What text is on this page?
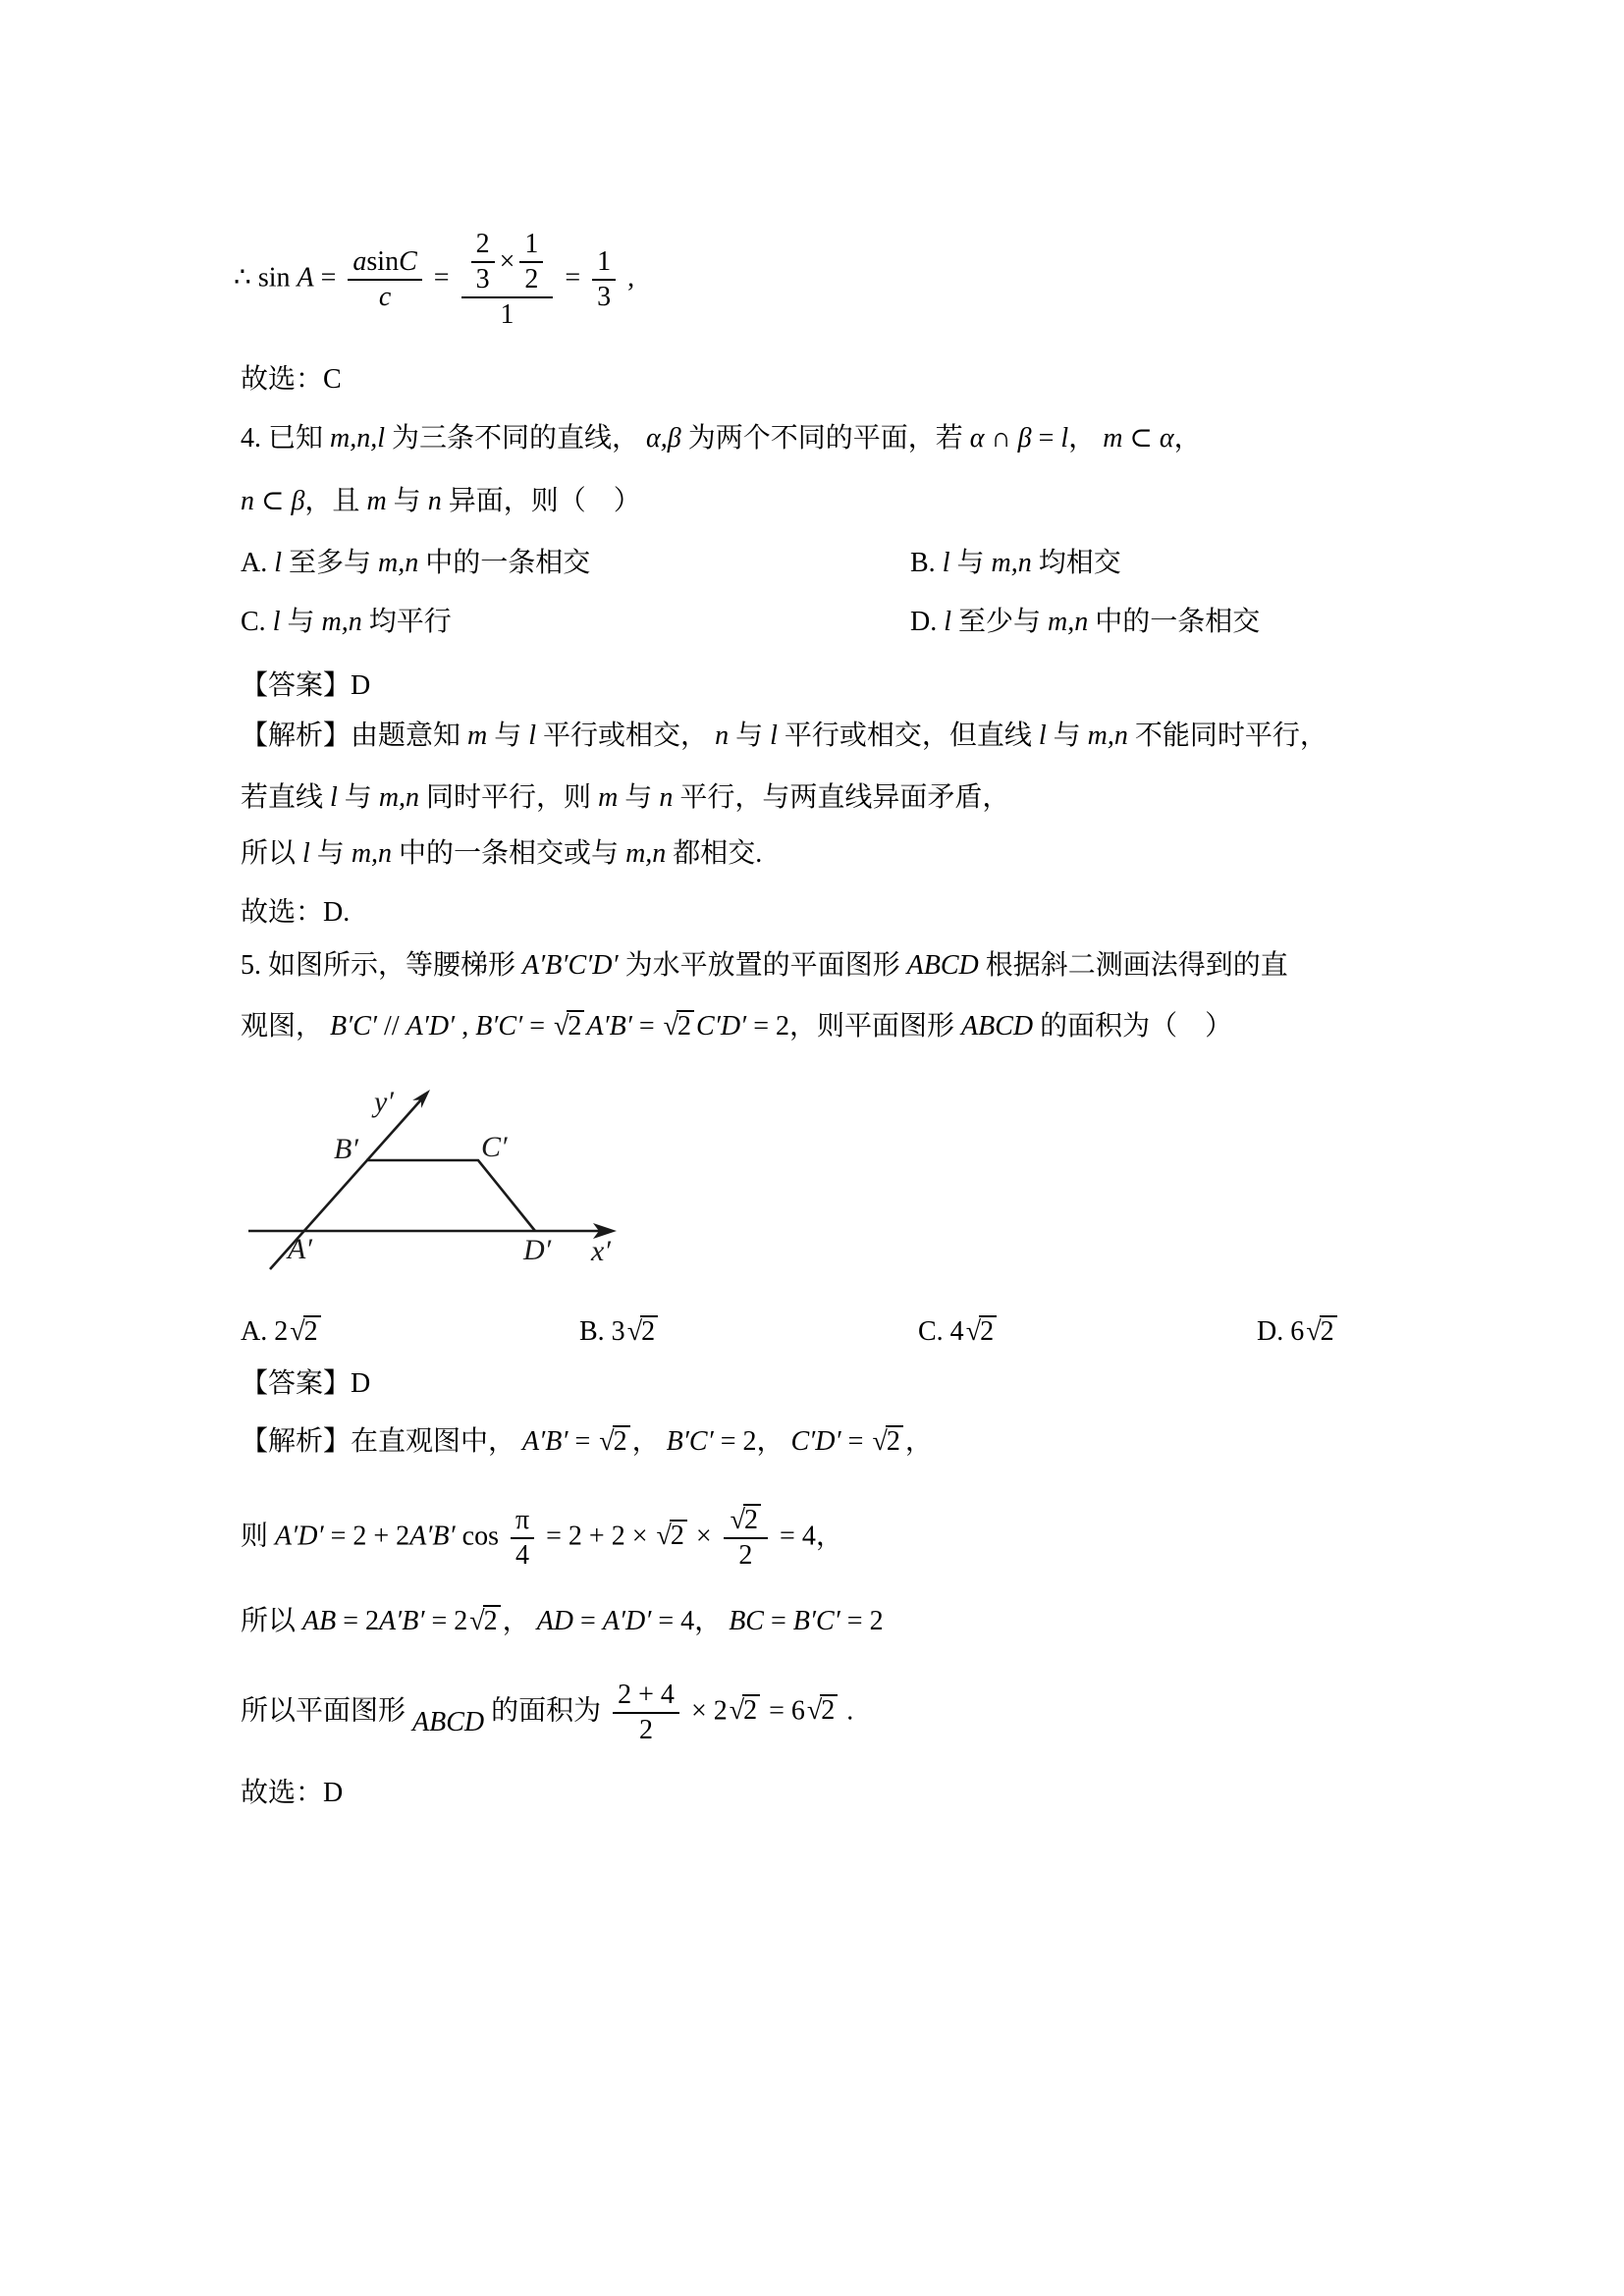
∴ $\sin A = \frac{\text{a sin C}}{c} = \frac{\frac{2}{3} \times \frac{1}{2}}{1} = \frac{1}{3}$ ,
故选：C
4. 已知 m,n,l 为三条不同的直线， α,β 为两个不同的平面，若 α ∩ β = l， m ⊂ α，
n ⊂ β，且 m 与 n 异面，则（    ）
A. l 至多与 m,n 中的一条相交	B. l 与 m,n 均相交
C. l 与 m,n 均平行	D. l 至少与 m,n 中的一条相交
【答案】D
【解析】由题意知 m 与 l 平行或相交， n 与 l 平行或相交，但直线 l 与 m,n 不能同时平行，
若直线 l 与 m,n 同时平行，则 m 与 n 平行，与两直线异面矛盾，
所以 l 与 m,n 中的一条相交或与 m,n 都相交.
故选：D.
5. 如图所示，等腰梯形 A′B′C′D′ 为水平放置的平面图形 ABCD 根据斜二测画法得到的直
观图， B′C′ // A′D′ , B′C′ = √2 A′B′ = √2 C′D′ = 2，则平面图形 ABCD 的面积为（    ）
A. 2√2	B. 3√2	C. 4√2	D. 6√2
【答案】D
【解析】在直观图中， A′B′ = √2 ， B′C′ = 2， C′D′ = √2 ，
则 A′D′ = 2 + 2A′B′ $\cos \frac{\pi}{4} = 2 + 2 \times √2 \times \frac{√2}{2} = 4$，
所以 AB = 2A′B′ = 2√2 ， AD = A′D′ = 4， BC = B′C′ = 2
所以平面图形 ABCD 的面积为 $\frac{2 + 4}{2} \times 2√2 = 6√2$ .
故选：D
y′
x′
B′	C′
A′	D′
